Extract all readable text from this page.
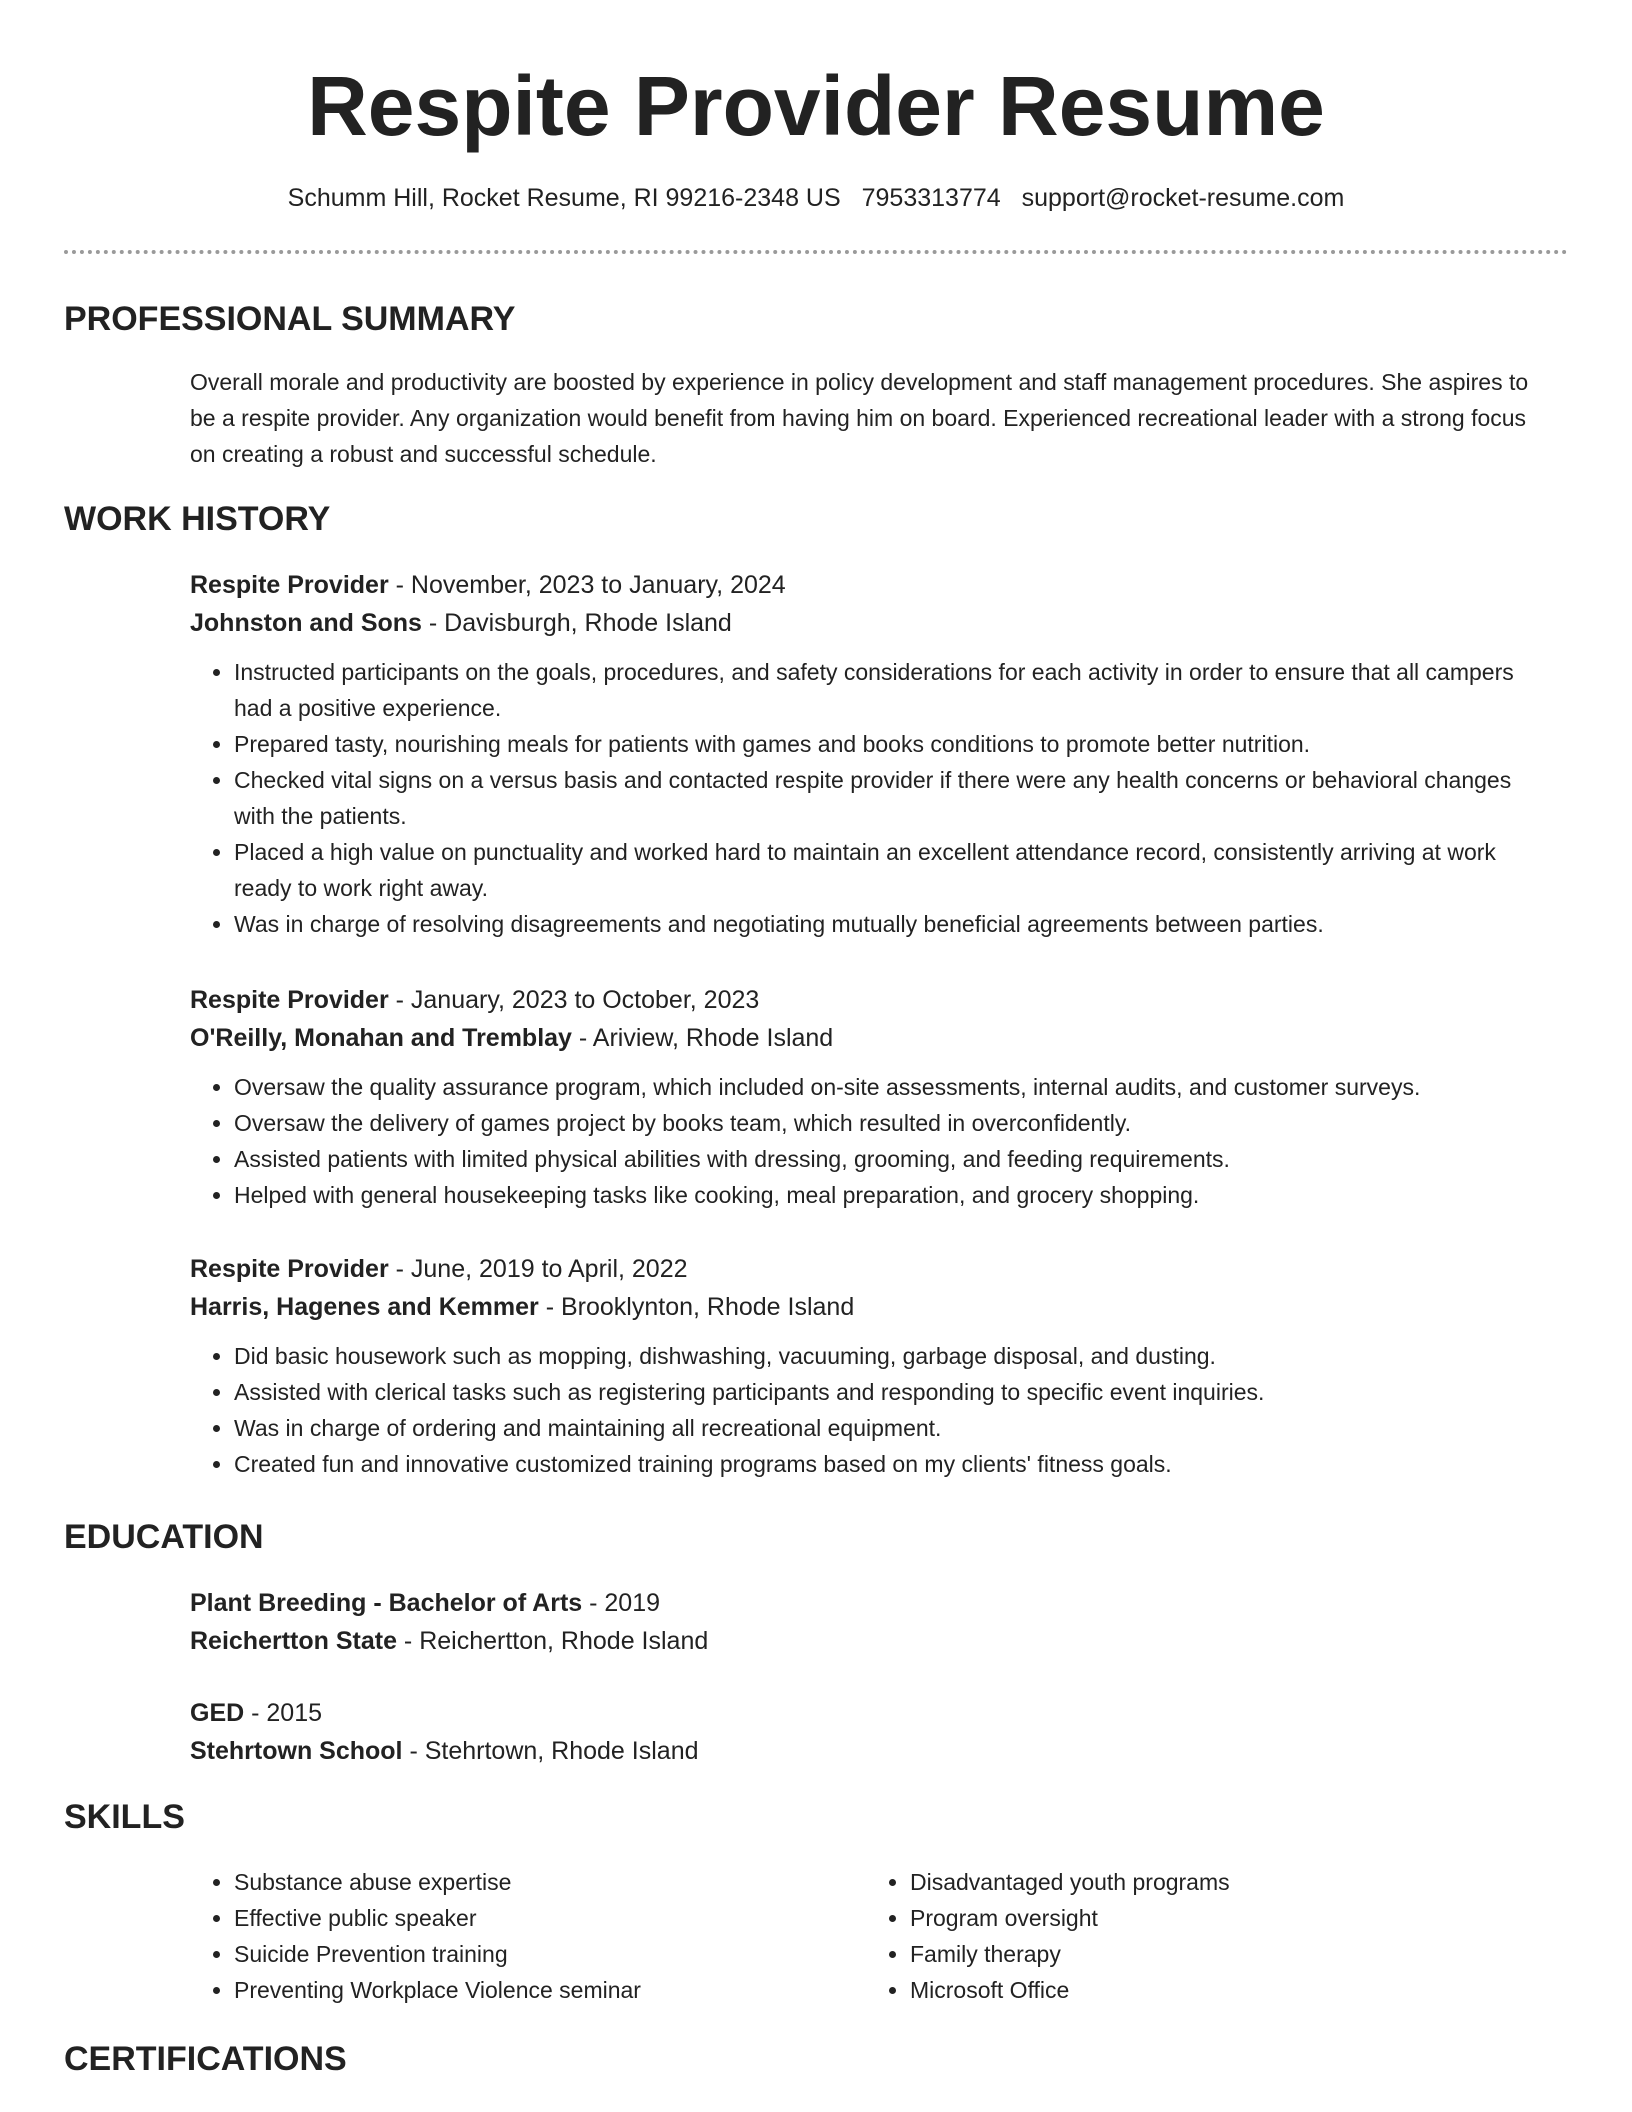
Respite Provider Resume
Schumm Hill, Rocket Resume, RI 99216-2348 US 7953313774 support@rocket-resume.com
PROFESSIONAL SUMMARY

Overall morale and productivity are boosted by experience in policy development and staff management procedures. She aspires to be a respite provider. Any organization would benefit from having him on board. Experienced recreational leader with a strong focus on creating a robust and successful schedule.

WORK HISTORY

Respite Provider - November, 2023 to January, 2024

Johnston and Sons - Davisburgh, Rhode Island

• Instructed participants on the goals, procedures, and safety considerations for each activity in order to ensure that all campers had a positive experience.
• Prepared tasty, nourishing meals for patients with games and books conditions to promote better nutrition.
• Checked vital signs on a versus basis and contacted respite provider if there were any health concerns or behavioral changes with the patients.
• Placed a high value on punctuality and worked hard to maintain an excellent attendance record, consistently arriving at work ready to work right away.
• Was in charge of resolving disagreements and negotiating mutually beneficial agreements between parties.

Respite Provider - January, 2023 to October, 2023

O'Reilly, Monahan and Tremblay - Ariview, Rhode Island

• Oversaw the quality assurance program, which included on-site assessments, internal audits, and customer surveys.
• Oversaw the delivery of games project by books team, which resulted in overconfidently.
• Assisted patients with limited physical abilities with dressing, grooming, and feeding requirements.
• Helped with general housekeeping tasks like cooking, meal preparation, and grocery shopping.

Respite Provider - June, 2019 to April, 2022

Harris, Hagenes and Kemmer - Brooklynton, Rhode Island

• Did basic housework such as mopping, dishwashing, vacuuming, garbage disposal, and dusting.
• Assisted with clerical tasks such as registering participants and responding to specific event inquiries.
• Was in charge of ordering and maintaining all recreational equipment.
• Created fun and innovative customized training programs based on my clients' fitness goals.
EDUCATION

Plant Breeding - Bachelor of Arts - 2019

Reichertton State - Reichertton, Rhode Island

GED - 2015

Stehrtown School - Stehrtown, Rhode Island

SKILLS
• Substance abuse expertise
• Effective public speaker
• Suicide Prevention training
• Preventing Workplace Violence seminar
• Disadvantaged youth programs
• Program oversight
• Family therapy
• Microsoft Office
CERTIFICATIONS
